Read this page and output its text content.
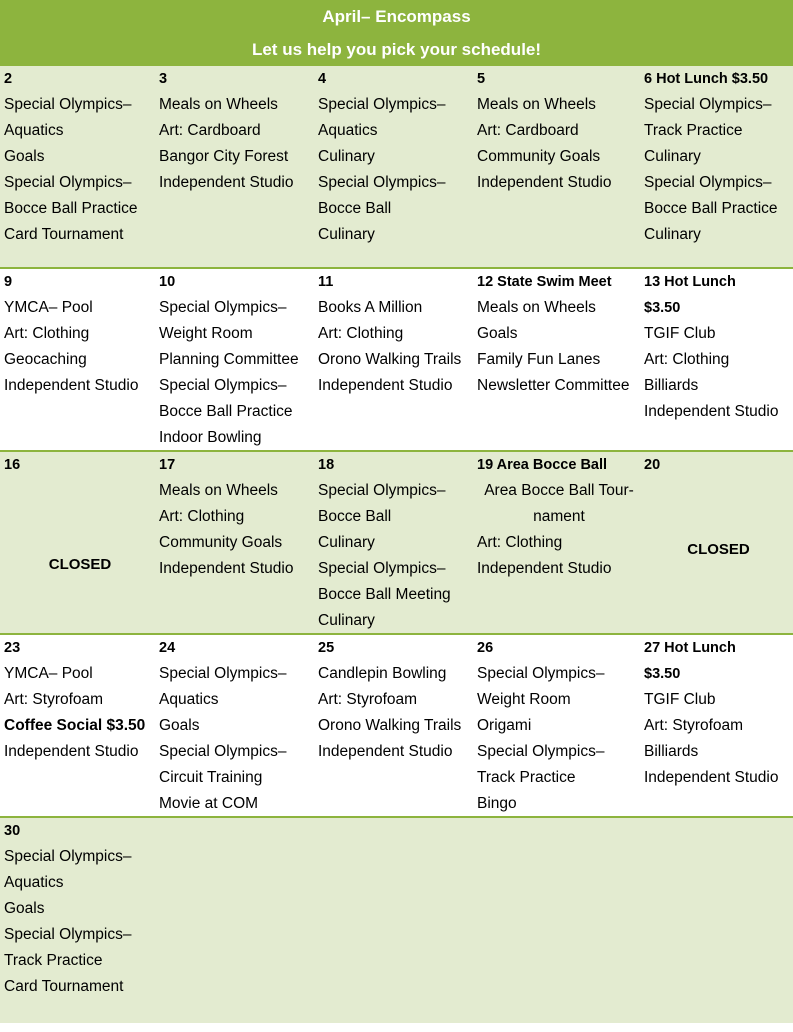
April– Encompass
Let us help you pick your schedule!
2
Special Olympics–
Aquatics
Goals
Special Olympics–
Bocce Ball Practice
Card Tournament
3
Meals on Wheels
Art: Cardboard
Bangor City Forest
Independent Studio
4
Special Olympics–
Aquatics
Culinary
Special Olympics–
Bocce Ball
Culinary
5
Meals on Wheels
Art: Cardboard
Community Goals
Independent Studio
6 Hot Lunch $3.50
Special Olympics–
Track Practice
Culinary
Special Olympics–
Bocce Ball Practice
Culinary
9
YMCA– Pool
Art: Clothing
Geocaching
Independent Studio
10
Special Olympics–
Weight Room
Planning Committee
Special Olympics–
Bocce Ball Practice
Indoor Bowling
11
Books A Million
Art: Clothing
Orono Walking Trails
Independent Studio
12 State Swim Meet
Meals on Wheels
Goals
Family Fun Lanes
Newsletter Committee
13 Hot Lunch
$3.50
TGIF Club
Art: Clothing
Billiards
Independent Studio
16
CLOSED
17
Meals on Wheels
Art: Clothing
Community Goals
Independent Studio
18
Special Olympics–
Bocce Ball
Culinary
Special Olympics–
Bocce Ball Meeting
Culinary
19 Area Bocce Ball
Area Bocce Ball Tour-
nament
Art: Clothing
Independent Studio
20
CLOSED
23
YMCA– Pool
Art: Styrofoam
Coffee Social $3.50
Independent Studio
24
Special Olympics–
Aquatics
Goals
Special Olympics–
Circuit Training
Movie at COM
25
Candlepin Bowling
Art: Styrofoam
Orono Walking Trails
Independent Studio
26
Special Olympics–
Weight Room
Origami
Special Olympics–
Track Practice
Bingo
27 Hot Lunch
$3.50
TGIF Club
Art: Styrofoam
Billiards
Independent Studio
30
Special Olympics–
Aquatics
Goals
Special Olympics–
Track Practice
Card Tournament
